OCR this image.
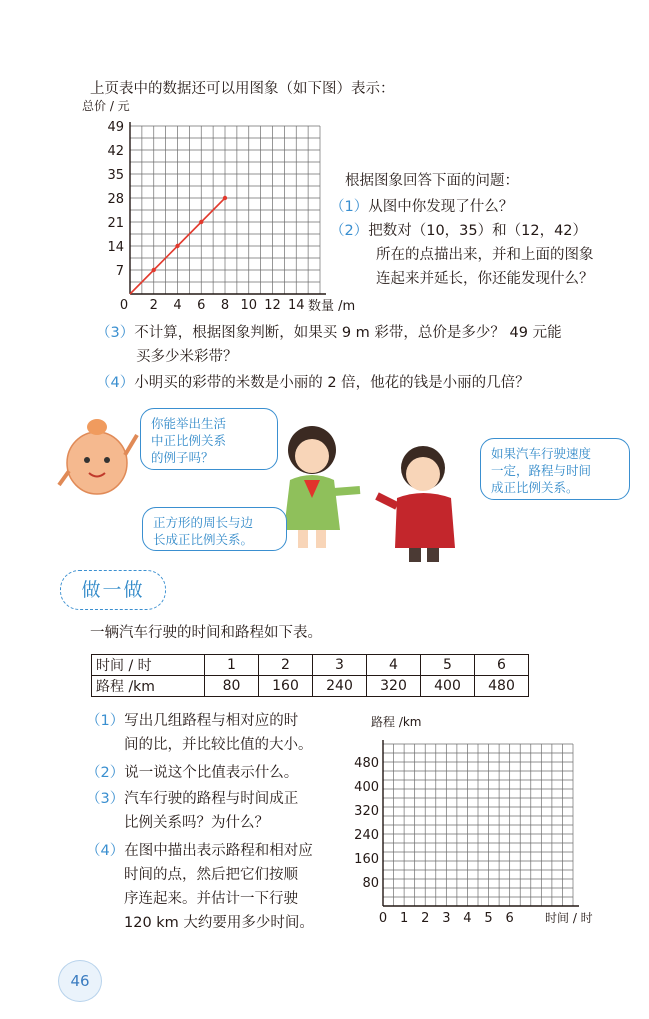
上页表中的数据还可以用图象（如下图）表示：
总价 / 元
数量 /m
0 2 4 6 8 10 12 14
7
14
21
28
35
42
49
根据图象回答下面的问题：
（1）从图中你发现了什么？
（2）把数对（10，35）和（12，42）
所在的点描出来，并和上面的图象
连起来并延长，你还能发现什么？
（3）不计算，根据图象判断，如果买 9 m 彩带，总价是多少？ 49 元能
买多少米彩带？
（4）小明买的彩带的米数是小丽的 2 倍，他花的钱是小丽的几倍？
你能举出生活
中正比例关系
的例子吗？	如果汽车行驶速度
一定，路程与时间
成正比例关系。
正方形的周长与边
长成正比例关系。
做一做
一辆汽车行驶的时间和路程如下表。
时间 / 时	1	2	3	4	5	6
路程 /km	80	160	240	320	400	480
（1）写出几组路程与相对应的时
间的比，并比较比值的大小。
（2）说一说这个比值表示什么。
（3）汽车行驶的路程与时间成正
比例关系吗？为什么？
（4）在图中描出表示路程和相对应
时间的点，然后把它们按顺
序连起来。并估计一下行驶
120 km 大约要用多少时间。
路程 /km
时间 / 时
0 1 2 3 4 5 6
80
160
240
320
400
480
46
